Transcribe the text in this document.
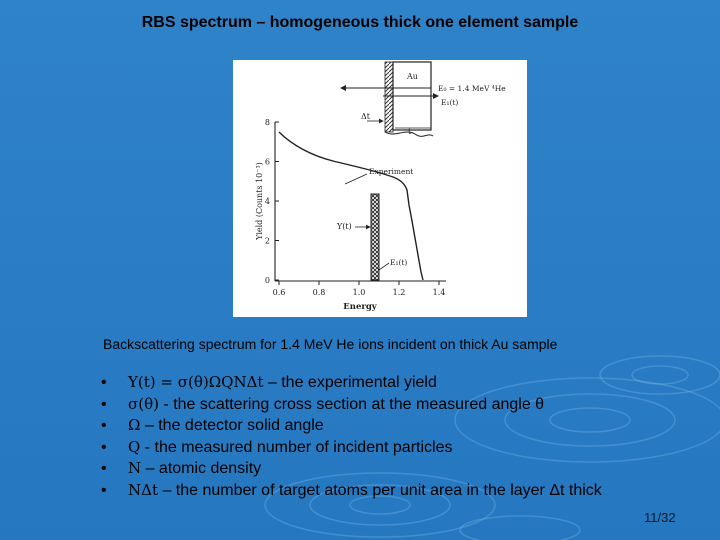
RBS spectrum – homogeneous thick one element sample
Au
E₀ = 1.4 MeV ⁴He
E₁(t)
Δt
t
0
2
4
6
8
0.6	0.8	1.0	1.2	1.4
Energy
Yield (Counts 10⁻³)	Experiment
Y(t)
E₁(t)
Backscattering spectrum for 1.4 MeV He ions incident on thick Au sample
• Y(t) = σ(θ)ΩQΝΔt – the experimental yield
• σ(θ) - the scattering cross section at the measured angle θ
• Ω – the detector solid angle
• Q - the measured number of incident particles
• N – atomic density
• NΔt – the number of target atoms per unit area in the layer Δt thick
11/32
